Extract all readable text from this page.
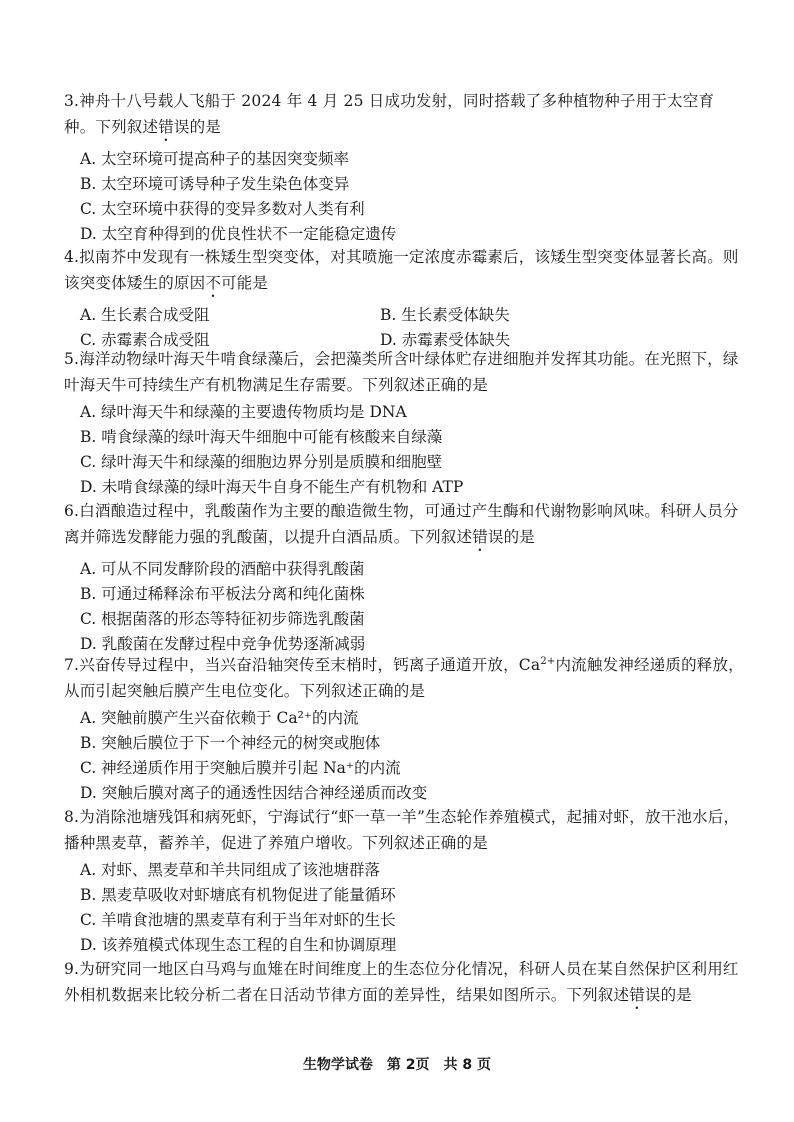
3.神舟十八号载人飞船于 2024 年 4 月 25 日成功发射，同时搭载了多种植物种子用于太空育种。下列叙述错误的是
A. 太空环境可提高种子的基因突变频率
B. 太空环境可诱导种子发生染色体变异
C. 太空环境中获得的变异多数对人类有利
D. 太空育种得到的优良性状不一定能稳定遗传
4.拟南芥中发现有一株矮生型突变体，对其喷施一定浓度赤霉素后，该矮生型突变体显著长高。则该突变体矮生的原因不可能是
A. 生长素合成受阻	B. 生长素受体缺失
C. 赤霉素合成受阻	D. 赤霉素受体缺失
5.海洋动物绿叶海天牛啃食绿藻后，会把藻类所含叶绿体贮存进细胞并发挥其功能。在光照下，绿叶海天牛可持续生产有机物满足生存需要。下列叙述正确的是
A. 绿叶海天牛和绿藻的主要遗传物质均是 DNA
B. 啃食绿藻的绿叶海天牛细胞中可能有核酸来自绿藻
C. 绿叶海天牛和绿藻的细胞边界分别是质膜和细胞壁
D. 未啃食绿藻的绿叶海天牛自身不能生产有机物和 ATP
6.白酒酿造过程中，乳酸菌作为主要的酿造微生物，可通过产生酶和代谢物影响风味。科研人员分离并筛选发酵能力强的乳酸菌，以提升白酒品质。下列叙述错误的是
A. 可从不同发酵阶段的酒醅中获得乳酸菌
B. 可通过稀释涂布平板法分离和纯化菌株
C. 根据菌落的形态等特征初步筛选乳酸菌
D. 乳酸菌在发酵过程中竞争优势逐渐减弱
7.兴奋传导过程中，当兴奋沿轴突传至末梢时，钙离子通道开放，$Ca^{2+}$内流触发神经递质的释放，从而引起突触后膜产生电位变化。下列叙述正确的是
A. 突触前膜产生兴奋依赖于 Ca²⁺的内流
B. 突触后膜位于下一个神经元的树突或胞体
C. 神经递质作用于突触后膜并引起 Na⁺的内流
D. 突触后膜对离子的通透性因结合神经递质而改变
8.为消除池塘残饵和病死虾，宁海试行“虾一草一羊”生态轮作养殖模式，起捕对虾，放干池水后，播种黑麦草，蓄养羊，促进了养殖户增收。下列叙述正确的是
A. 对虾、黑麦草和羊共同组成了该池塘群落
B. 黑麦草吸收对虾塘底有机物促进了能量循环
C. 羊啃食池塘的黑麦草有利于当年对虾的生长
D. 该养殖模式体现生态工程的自生和协调原理
9.为研究同一地区白马鸡与血雉在时间维度上的生态位分化情况，科研人员在某自然保护区利用红外相机数据来比较分析二者在日活动节律方面的差异性，结果如图所示。下列叙述错误的是
生物学试卷　第 2页　共 8 页
